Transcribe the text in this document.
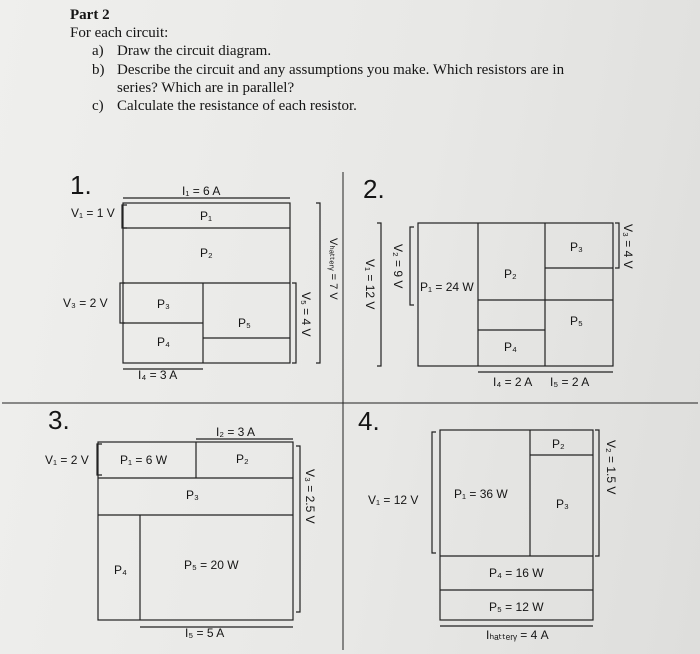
Part 2
For each circuit:
a) Draw the circuit diagram.
b) Describe the circuit and any assumptions you make. Which resistors are in
series? Which are in parallel?
c) Calculate the resistance of each resistor.
1.	I₁ = 6 A
V₁ = 1 V	P₁
P₂
V₃ = 2 V	P₃
P₅
P₄
I₄ = 3 A
V₅ = 4 V
Vₕₐₜₜₑᵣᵧ = 7 V
2.
V₁ = 12 V V₂ = 9 V P₁ = 24 W
P₂
P₃
P₅
P₄
V₃ = 4 V
I₄ = 2 A I₅ = 2 A
3.
V₁ = 2 V	P₁ = 6 W
I₂ = 3 A
P₂
P₃
P₄	P₅ = 20 W
V₃ = 2.5 V
I₅ = 5 A
4.
V₁ = 12 V	P₁ = 36 W
P₂
P₃
P₄ = 16 W
P₅ = 12 W
V₂ = 1.5 V
Iₕₐₜₜₑᵣᵧ = 4 A
